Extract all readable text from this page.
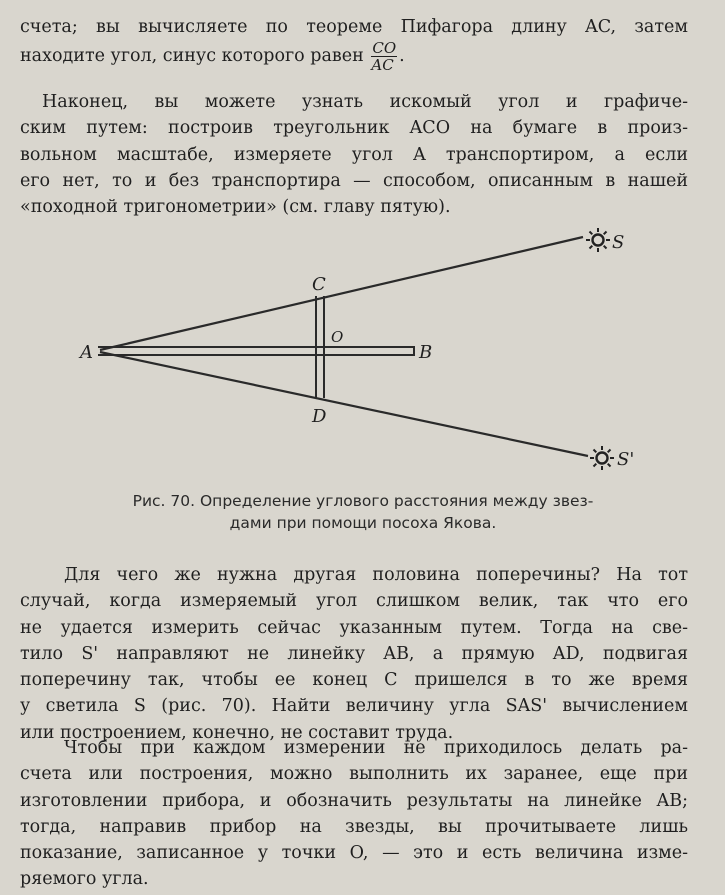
счета; вы вычисляете по теореме Пифагора длину AC, затем
находите угол, синус которого равен $\frac{CO}{AC}$ .
Наконец, вы можете узнать искомый угол и графиче-
ским путем: построив треугольник ACO на бумаге в произ-
вольном масштабе, измеряете угол A транспортиром, а если
его нет, то и без транспортира — способом, описанным в нашей
«походной тригонометрии» (см. главу пятую).
A	B
C
D
O
S
S'
Рис. 70. Определение углового расстояния между звез-
дами при помощи посоха Якова.
Для чего же нужна другая половина поперечины? На тот
случай, когда измеряемый угол слишком велик, так что его
не удается измерить сейчас указанным путем. Тогда на све-
тило S' направляют не линейку AB, а прямую AD, подвигая
поперечину так, чтобы ее конец C пришелся в то же время
у светила S (рис. 70). Найти величину угла SAS' вычислением
или построением, конечно, не составит труда.
Чтобы при каждом измерении не приходилось делать ра-
счета или построения, можно выполнить их заранее, еще при
изготовлении прибора, и обозначить результаты на линейке AB;
тогда, направив прибор на звезды, вы прочитываете лишь
показание, записанное у точки O, — это и есть величина изме-
ряемого угла.
